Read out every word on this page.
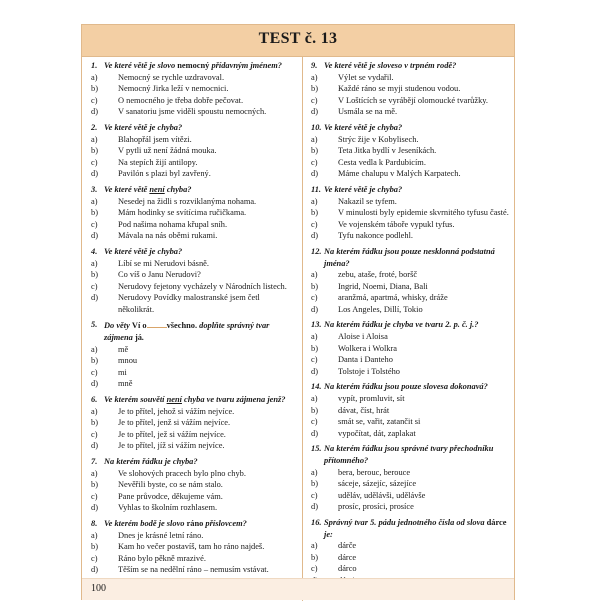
TEST č. 13
1. Ve které větě je slovo nemocný přídavným jménem?
a)	Nemocný se rychle uzdravoval.
b)	Nemocný Jirka leží v nemocnici.
c)	O nemocného je třeba dobře pečovat.
d)	V sanatoriu jsme viděli spoustu nemocných.
2. Ve které větě je chyba?
a)	Blahopřál jsem vítězi.
b)	V pytli už není žádná mouka.
c)	Na stepích žijí antilopy.
d)	Pavilón s plazi byl zavřený.
3. Ve které větě není chyba?
a)	Nesedej na židli s rozviklanýma nohama.
b)	Mám hodinky se svítícima ručičkama.
c)	Pod našima nohama křupal sníh.
d)	Mávala na nás oběmi rukami.
4. Ve které větě je chyba?
a)	Líbí se mi Nerudovi básně.
b)	Co víš o Janu Nerudovi?
c)	Nerudovy fejetony vycházely v Národních listech.
d)	Nerudovy Povídky malostranské jsem četl několikrát.
5. Do věty Ví o všechno. doplňte správný tvar zájmena já.
a)	mě
b)	mnou
c)	mi
d)	mně
6. Ve kterém souvětí není chyba ve tvaru zájmena jenž?
a)	Je to přítel, jehož si vážím nejvíce.
b)	Je to přítel, jenž si vážím nejvíce.
c)	Je to přítel, jež si vážím nejvíce.
d)	Je to přítel, jíž si vážím nejvíce.
7. Na kterém řádku je chyba?
a)	Ve slohových pracech bylo plno chyb.
b)	Nevěřili byste, co se nám stalo.
c)	Pane průvodce, děkujeme vám.
d)	Vyhlas to školním rozhlasem.
8. Ve kterém bodě je slovo ráno příslovcem?
a)	Dnes je krásné letní ráno.
b)	Kam ho večer postavíš, tam ho ráno najdeš.
c)	Ráno bylo pěkně mrazivé.
d)	Těším se na nedělní ráno – nemusím vstávat.
9. Ve které větě je sloveso v trpném rodě?
a)	Výlet se vydařil.
b)	Každé ráno se myji studenou vodou.
c)	V Loštících se vyrábějí olomoucké tvarůžky.
d)	Usmála se na mě.
10. Ve které větě je chyba?
a)	Strýc žije v Kobylisech.
b)	Teta Jitka bydlí v Jeseníkách.
c)	Cesta vedla k Pardubicím.
d)	Máme chalupu v Malých Karpatech.
11. Ve které větě je chyba?
a)	Nakazil se tyfem.
b)	V minulosti byly epidemie skvrnitého tyfusu časté.
c)	Ve vojenském táboře vypukl tyfus.
d)	Tyfu nakonce podlehl.
12. Na kterém řádku jsou pouze nesklonná podstatná jména?
a)	zebu, ataše, froté, boršč
b)	Ingrid, Noemi, Diana, Bali
c)	aranžmá, apartmá, whisky, dráže
d)	Los Angeles, Dillí, Tokio
13. Na kterém řádku je chyba ve tvaru 2. p. č. j.?
a)	Aloise i Aloisa
b)	Wolkera i Wolkra
c)	Danta i Danteho
d)	Tolstoje i Tolstého
14. Na kterém řádku jsou pouze slovesa dokonavá?
a)	vypít, promluvit, sít
b)	dávat, číst, hrát
c)	smát se, vařit, zatančit si
d)	vypočítat, dát, zaplakat
15. Na kterém řádku jsou správné tvary přechodníku přítomného?
a)	bera, berouc, berouce
b)	sáceje, sázejíc, sázejíce
c)	uděláv, udělávši, udělávše
d)	prosíc, prosíci, prosíce
16. Správný tvar 5. pádu jednotného čísla od slova dárce je:
a)	dárče
b)	dárce
c)	dárco
100
